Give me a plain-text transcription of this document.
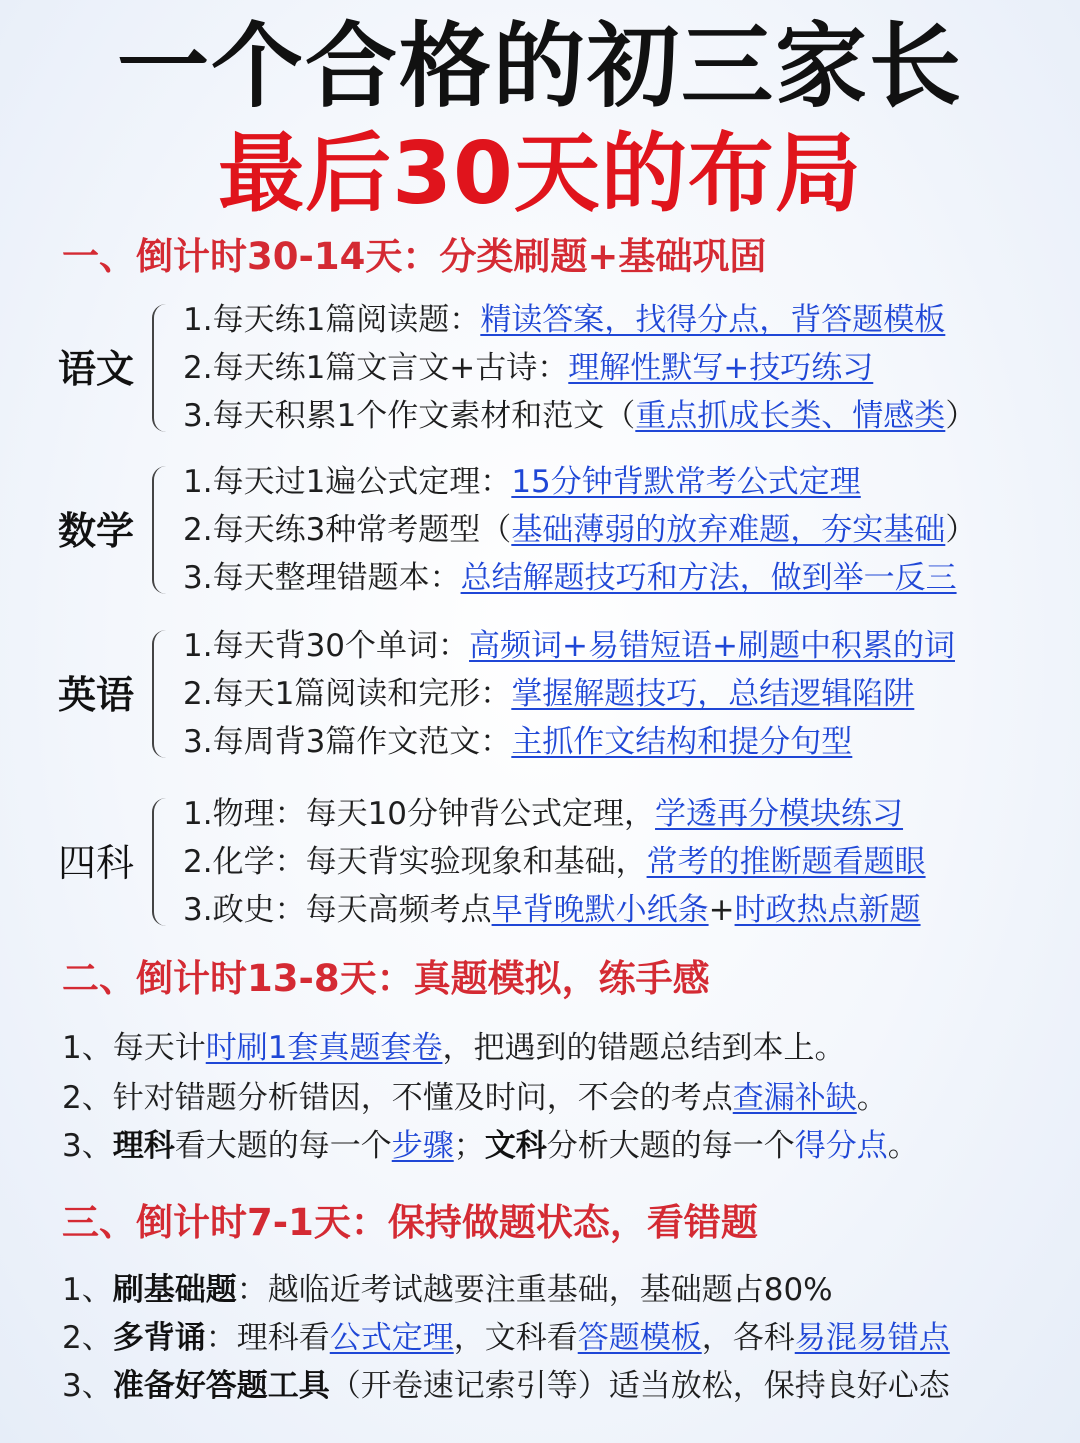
一个合格的初三家长
最后30天的布局
一、倒计时30-14天：分类刷题+基础巩固
语文
1.每天练1篇阅读题：精读答案，找得分点，背答题模板
2.每天练1篇文言文+古诗：理解性默写+技巧练习
3.每天积累1个作文素材和范文（重点抓成长类、情感类）
数学
1.每天过1遍公式定理：15分钟背默常考公式定理
2.每天练3种常考题型（基础薄弱的放弃难题，夯实基础）
3.每天整理错题本：总结解题技巧和方法，做到举一反三
英语
1.每天背30个单词：高频词+易错短语+刷题中积累的词
2.每天1篇阅读和完形：掌握解题技巧，总结逻辑陷阱
3.每周背3篇作文范文：主抓作文结构和提分句型
四科
1.物理：每天10分钟背公式定理，学透再分模块练习
2.化学：每天背实验现象和基础，常考的推断题看题眼
3.政史：每天高频考点早背晚默小纸条+时政热点新题
二、倒计时13-8天：真题模拟，练手感
1、每天计时刷1套真题套卷，把遇到的错题总结到本上。
2、针对错题分析错因，不懂及时问，不会的考点查漏补缺。
3、理科看大题的每一个步骤；文科分析大题的每一个得分点。
三、倒计时7-1天：保持做题状态，看错题
1、刷基础题：越临近考试越要注重基础，基础题占80%
2、多背诵：理科看公式定理，文科看答题模板，各科易混易错点
3、准备好答题工具（开卷速记索引等）适当放松，保持良好心态
